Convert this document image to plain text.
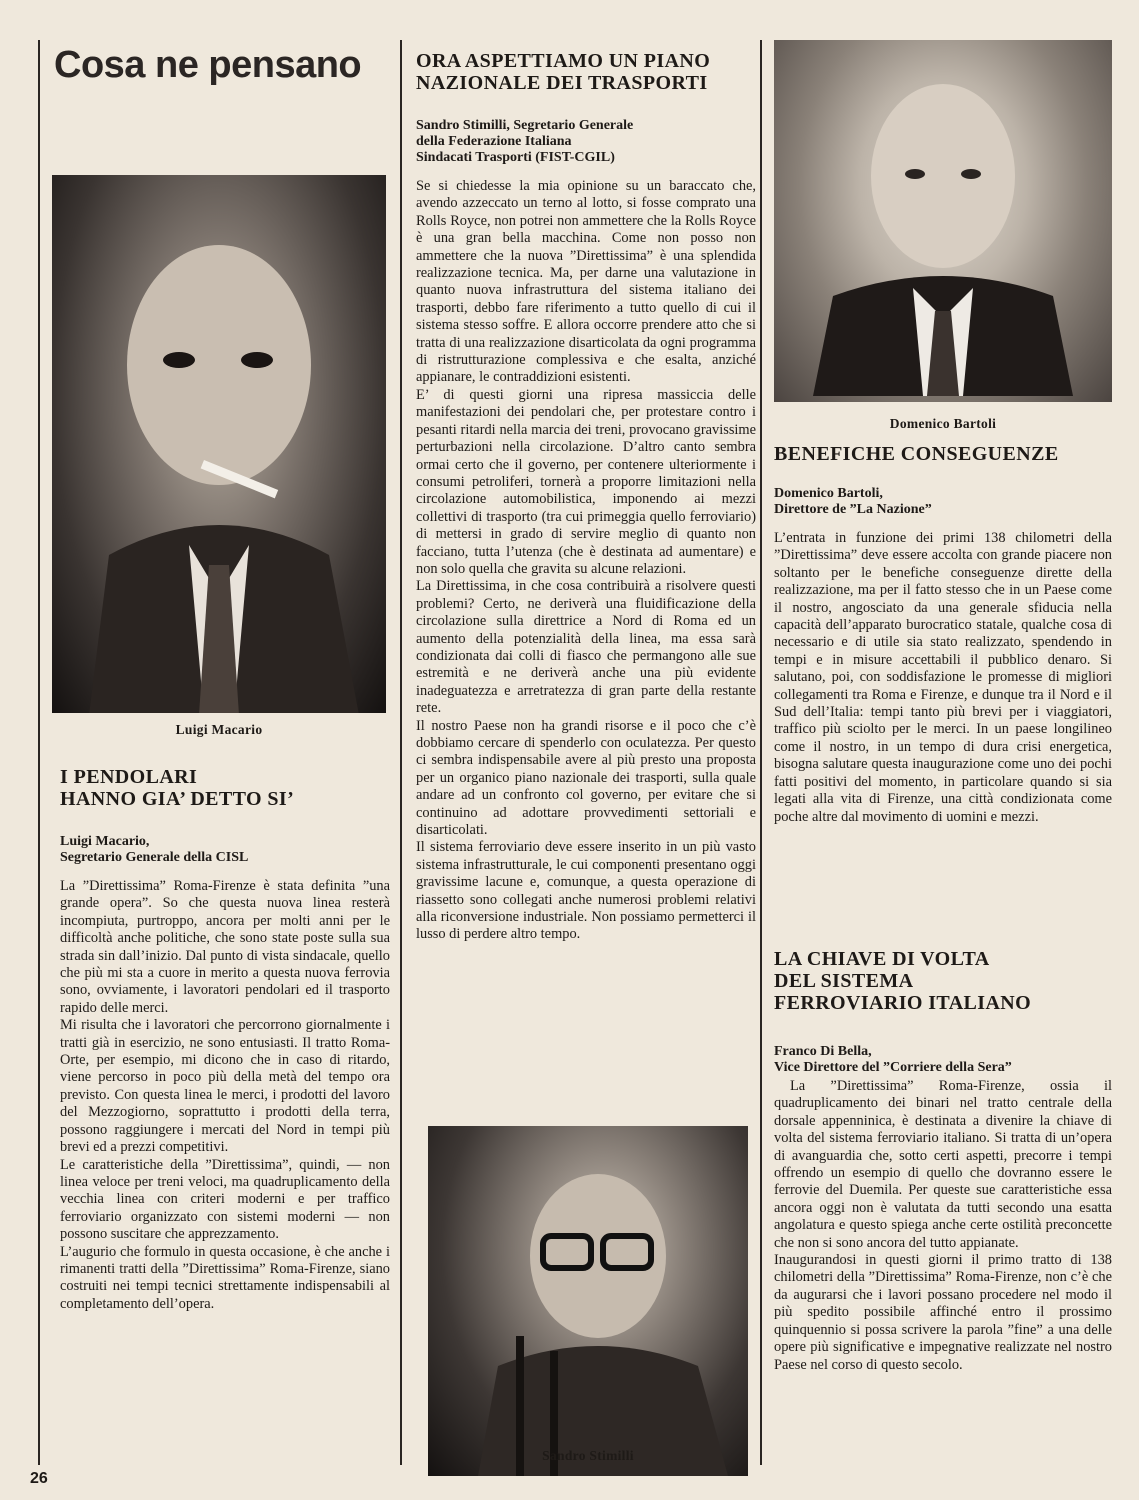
Cosa ne pensano
Luigi Macario
I PENDOLARI
HANNO GIA’ DETTO SI’
Luigi Macario,
Segretario Generale della CISL

La ”Direttissima” Roma-Firenze è stata definita ”una grande opera”. So che questa nuova linea resterà incompiuta, purtroppo, ancora per molti anni per le difficoltà anche politiche, che sono state poste sulla sua strada sin dall’inizio. Dal punto di vista sindacale, quello che più mi sta a cuore in merito a questa nuova ferrovia sono, ovviamente, i lavoratori pendolari ed il trasporto rapido delle merci.

Mi risulta che i lavoratori che percorrono giornalmente i tratti già in esercizio, ne sono entusiasti. Il tratto Roma-Orte, per esempio, mi dicono che in caso di ritardo, viene percorso in poco più della metà del tempo ora previsto. Con questa linea le merci, i prodotti del lavoro del Mezzogiorno, soprattutto i prodotti della terra, possono raggiungere i mercati del Nord in tempi più brevi ed a prezzi competitivi.

Le caratteristiche della ”Direttissima”, quindi, — non linea veloce per treni veloci, ma quadruplicamento della vecchia linea con criteri moderni e per traffico ferroviario organizzato con sistemi moderni — non possono suscitare che apprezzamento.

L’augurio che formulo in questa occasione, è che anche i rimanenti tratti della ”Direttissima” Roma-Firenze, siano costruiti nei tempi tecnici strettamente indispensabili al completamento dell’opera.

ORA ASPETTIAMO UN PIANO
NAZIONALE DEI TRASPORTI
Sandro Stimilli, Segretario Generale
della Federazione Italiana
Sindacati Trasporti (FIST-CGIL)

Se si chiedesse la mia opinione su un baraccato che, avendo azzeccato un terno al lotto, si fosse comprato una Rolls Royce, non potrei non ammettere che la Rolls Royce è una gran bella macchina. Come non posso non ammettere che la nuova ”Direttissima” è una splendida realizzazione tecnica. Ma, per darne una valutazione in quanto nuova infrastruttura del sistema italiano dei trasporti, debbo fare riferimento a tutto quello di cui il sistema stesso soffre. E allora occorre prendere atto che si tratta di una realizzazione disarticolata da ogni programma di ristrutturazione complessiva e che esalta, anziché appianare, le contraddizioni esistenti.

E’ di questi giorni una ripresa massiccia delle manifestazioni dei pendolari che, per protestare contro i pesanti ritardi nella marcia dei treni, provocano gravissime perturbazioni nella circolazione. D’altro canto sembra ormai certo che il governo, per contenere ulteriormente i consumi petroliferi, tornerà a proporre limitazioni nella circolazione automobilistica, imponendo ai mezzi collettivi di trasporto (tra cui primeggia quello ferroviario) di mettersi in grado di servire meglio di quanto non facciano, tutta l’utenza (che è destinata ad aumentare) e non solo quella che gravita su alcune relazioni.

La Direttissima, in che cosa contribuirà a risolvere questi problemi? Certo, ne deriverà una fluidificazione della circolazione sulla direttrice a Nord di Roma ed un aumento della potenzialità della linea, ma essa sarà condizionata dai colli di fiasco che permangono alle sue estremità e ne deriverà anche una più evidente inadeguatezza e arretratezza di gran parte della restante rete.

Il nostro Paese non ha grandi risorse e il poco che c’è dobbiamo cercare di spenderlo con oculatezza. Per questo ci sembra indispensabile avere al più presto una proposta per un organico piano nazionale dei trasporti, sulla quale andare ad un confronto col governo, per evitare che si continuino ad adottare provvedimenti settoriali e disarticolati.

Il sistema ferroviario deve essere inserito in un più vasto sistema infrastrutturale, le cui componenti presentano oggi gravissime lacune e, comunque, a questa operazione di riassetto sono collegati anche numerosi problemi relativi alla riconversione industriale. Non possiamo permetterci il lusso di perdere altro tempo.

Sandro Stimilli
Domenico Bartoli
BENEFICHE CONSEGUENZE
Domenico Bartoli,
Direttore de ”La Nazione”

L’entrata in funzione dei primi 138 chilometri della ”Direttissima” deve essere accolta con grande piacere non soltanto per le benefiche conseguenze dirette della realizzazione, ma per il fatto stesso che in un Paese come il nostro, angosciato da una generale sfiducia nella capacità dell’apparato burocratico statale, qualche cosa di necessario e di utile sia stato realizzato, spendendo in tempi e in misure accettabili il pubblico denaro. Si salutano, poi, con soddisfazione le promesse di migliori collegamenti tra Roma e Firenze, e dunque tra il Nord e il Sud dell’Italia: tempi tanto più brevi per i viaggiatori, traffico più sciolto per le merci. In un paese longilineo come il nostro, in un tempo di dura crisi energetica, bisogna salutare questa inaugurazione come uno dei pochi fatti positivi del momento, in particolare quando si sia legati alla vita di Firenze, una città condizionata come poche altre dal movimento di uomini e mezzi.

LA CHIAVE DI VOLTA
DEL SISTEMA
FERROVIARIO ITALIANO
Franco Di Bella,
Vice Direttore del ”Corriere della Sera”

La ”Direttissima” Roma-Firenze, ossia il quadruplicamento dei binari nel tratto centrale della dorsale appenninica, è destinata a divenire la chiave di volta del sistema ferroviario italiano. Si tratta di un’opera di avanguardia che, sotto certi aspetti, precorre i tempi offrendo un esempio di quello che dovranno essere le ferrovie del Duemila. Per queste sue caratteristiche essa ancora oggi non è valutata da tutti secondo una esatta angolatura e questo spiega anche certe ostilità preconcette che non si sono ancora del tutto appianate.

Inaugurandosi in questi giorni il primo tratto di 138 chilometri della ”Direttissima” Roma-Firenze, non c’è che da augurarsi che i lavori possano procedere nel modo il più spedito possibile affinché entro il prossimo quinquennio si possa scrivere la parola ”fine” a una delle opere più significative e impegnative realizzate nel nostro Paese nel corso di questo secolo.

26
